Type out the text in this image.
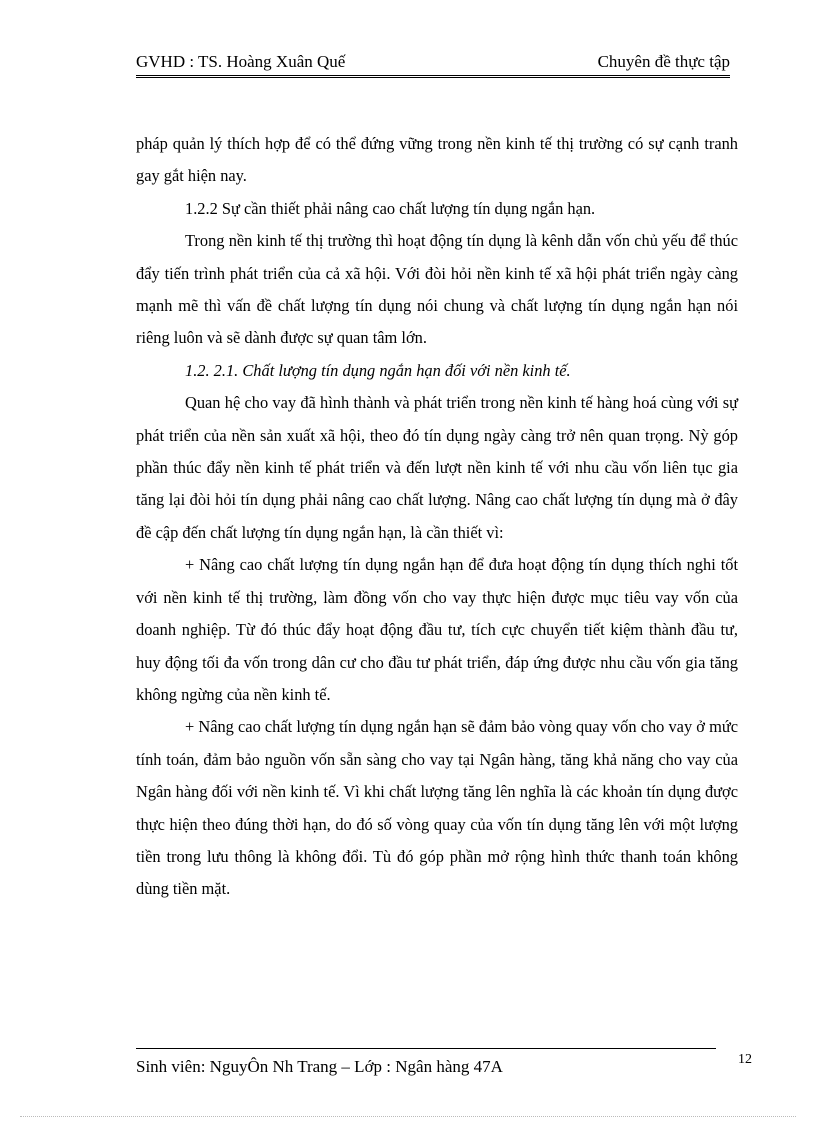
GVHD : TS. Hoàng Xuân Quế	Chuyên đề thực tập

pháp quản lý thích hợp để có thể đứng vững trong nền kinh tế thị trường có sự cạnh tranh gay gắt hiện nay.

1.2.2 Sự cần thiết phải nâng cao chất lượng tín dụng ngắn hạn.

Trong nền kinh tế thị trường thì hoạt động tín dụng là kênh dẫn vốn chủ yếu để thúc đẩy tiến trình phát triển của cả xã hội. Với đòi hỏi nền kinh tế xã hội phát triển ngày càng mạnh mẽ thì vấn đề chất lượng tín dụng nói chung và chất lượng tín dụng ngắn hạn nói riêng luôn và sẽ dành được sự quan tâm lớn.

1.2. 2.1. Chất lượng tín dụng ngắn hạn đối với nền kinh tế.

Quan hệ cho vay đã hình thành và phát triển trong nền kinh tế hàng hoá cùng với sự phát triển của nền sản xuất xã hội, theo đó tín dụng ngày càng trở nên quan trọng. Nỳ góp phần thúc đẩy nền kinh tế phát triển và đến lượt nền kinh tế với nhu cầu vốn liên tục gia tăng lại đòi hỏi tín dụng phải nâng cao chất lượng. Nâng cao chất lượng tín dụng mà ở đây đề cập đến chất lượng tín dụng ngắn hạn, là cần thiết vì:

+ Nâng cao chất lượng tín dụng ngắn hạn để đưa hoạt động tín dụng thích nghi tốt với nền kinh tế thị trường, làm đồng vốn cho vay thực hiện được mục tiêu vay vốn của doanh nghiệp. Từ đó thúc đẩy hoạt động đầu tư, tích cực chuyển tiết kiệm thành đầu tư, huy động tối đa vốn trong dân cư cho đầu tư phát triển, đáp ứng được nhu cầu vốn gia tăng không ngừng của nền kinh tế.

+ Nâng cao chất lượng tín dụng ngắn hạn sẽ đảm bảo vòng quay vốn cho vay ở mức tính toán, đảm bảo nguồn vốn sẵn sàng cho vay tại Ngân hàng, tăng khả năng cho vay của Ngân hàng đối với nền kinh tế. Vì khi chất lượng tăng lên nghĩa là các khoản tín dụng được thực hiện theo đúng thời hạn, do đó số vòng quay của vốn tín dụng tăng lên với một lượng tiền trong lưu thông là không đổi. Tù đó góp phần mở rộng hình thức thanh toán không dùng tiền mặt.

Sinh viên: NguyÔn Nh Trang – Lớp : Ngân hàng 47A	12
